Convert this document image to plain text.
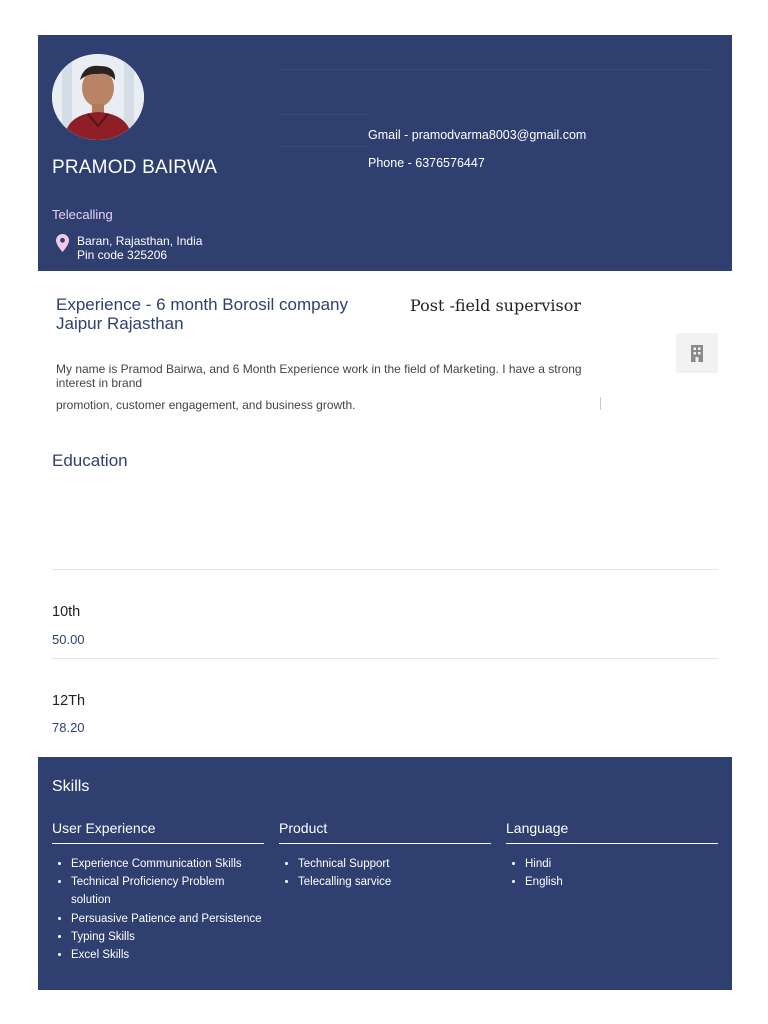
PRAMOD BAIRWA
Telecalling
Baran, Rajasthan, India
Pin code 325206
Gmail - pramodvarma8003@gmail.com
Phone - 6376576447
Experience - 6 month Borosil company Jaipur Rajasthan
Post -field supervisor
My name is Pramod Bairwa, and 6 Month Experience work in the field of Marketing. I have a strong interest in brand
promotion, customer engagement, and business growth.
Education
10th
50.00
12Th
78.20
Skills
User Experience
• Experience Communication Skills
• Technical Proficiency Problem solution
• Persuasive Patience and Persistence
• Typing Skills
• Excel Skills
Product
• Technical Support
• Telecalling sarvice
Language
• Hindi
• English
